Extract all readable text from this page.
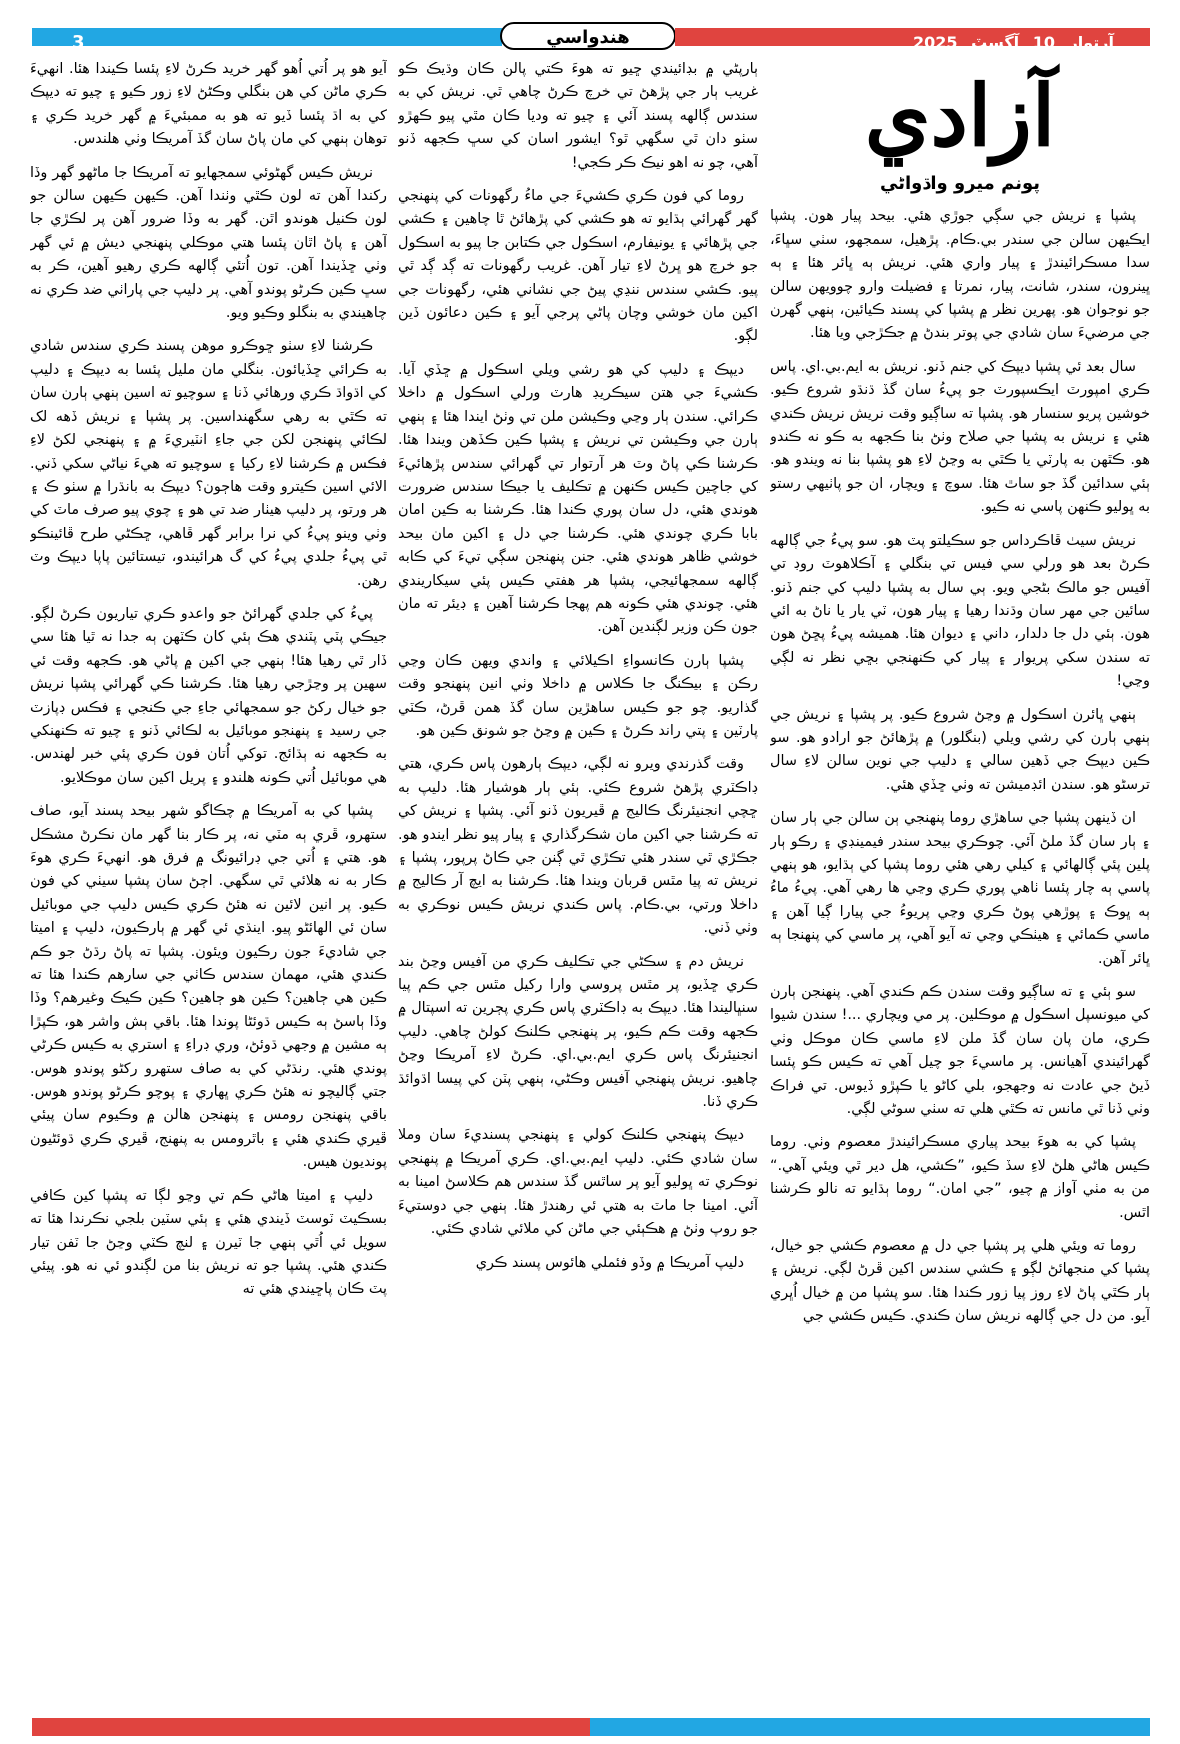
3	هندواسي	آرتوار 10 آگسٽ 2025
آزادي
پونم ميرو واڌواڻي

پشپا ۽ نريش جي سڳي جوڙي هئي. بيحد پيار هون. پشپا ايڪيهن سالن جي سندر بي.ڪام. پڙهيل، سمجهو، سٺي سڀاءَ، سدا مسڪرائيندڙ ۽ پيار واري هئي. نريش ٻه ڀائر هئا ۽ ٻه ڀينرون، سندر، شانت، پيار، نمرتا ۽ فضيلت وارو چوويهن سالن جو نوجوان هو. پهرين نظر ۾ پشپا کي پسند ڪيائين، ٻنهي گهرن جي مرضيءَ سان شادي جي پوتر بندڻ ۾ جڪڙجي ويا هئا.

سال بعد ئي پشپا ديپڪ کي جنم ڏنو. نريش به ايم.بي.اي. پاس ڪري امپورٽ ايڪسپورٽ جو پيءُ سان گڏ ڌنڌو شروع ڪيو. خوشين پريو سنسار هو. پشپا ته ساڳيو وقت نريش نريش ڪندي هئي ۽ نريش به پشپا جي صلاح وٺڻ بنا ڪجهه به ڪو نه ڪندو هو. ڪٿهن به پارٽي يا ڪٿي به وڃڻ لاءِ هو پشپا بنا نه ويندو هو. ٻئي سدائين گڏ جو ساٿ هئا. سوچ ۽ ويچار، ان جو پاٺيهي رستو به ڀوليو ڪنهن پاسي نه ڪيو.

نريش سيٺ ڦاڪرداس جو سڪيلتو پٽ هو. سو پيءُ جي ڳالهه ڪرڻ بعد هو ورلي سي فيس تي بنگلي ۽ آڪلاهوٽ روڊ تي آفيس جو مالڪ بڻجي ويو. ٻي سال به پشپا دليپ کي جنم ڏنو. سائين جي مهر سان وڌندا رهيا ۽ پيار هون، ٽي يار يا ناڻ به ائي هون. ٻئي دل جا دلدار، داني ۽ ديوان هئا. هميشه پيءُ پڇڻ هون ته سندن سکي پريوار ۽ پيار کي ڪنهنجي بڇي نظر نه لڳي وڃي!

ٻنهي ڀائرن اسڪول ۾ وڃڻ شروع ڪيو. پر پشپا ۽ نريش جي ٻنهي ٻارن کي رشي ويلي (بنگلور) ۾ پڙهائڻ جو ارادو هو. سو ڪين ديپڪ جي ڏهين سالي ۽ دليپ جي نوين سالن لاءِ سال ترسڻو هو. سندن ائڊميشن ته وٺي ڇڏي هئي.

ان ڏينهن پشپا جي ساهڙي روما پنهنجي ٻن سالن جي ٻار سان ۽ ٻار سان گڏ ملڻ آئي. چوڪري بيحد سندر فيمينڊي ۽ رڪو ٻار پلين پئي ڳالهائي ۽ کيلي رهي هئي روما پشپا کي ٻڌايو، هو ٻنهي پاسي ٻه چار پئسا ٺاهي پوري ڪري وڃي ها رهي آهي. پيءُ ماءُ ٻه ڀوڪ ۽ پوڙهي پوڻ ڪري وڃي پريوءُ جي پيارا ڳيا آهن ۽ ماسي ڪمائي ۽ هيٺڪي وڃي ته آيو آهي، پر ماسي کي پنهنجا ٻه ڀائر آهن.

سو ٻئي ۽ ته ساڳيو وقت سندن ڪم ڪندي آهي. پنهنجن ٻارن کي ميونسپل اسڪول ۾ موڪلين. پر مي ويچاري ...! سندن شيوا ڪري، مان پان سان گڏ ملن لاءِ ماسي ڪان موڪل وٺي گهرائيندي آهيانس. پر ماسيءَ جو چيل آهي ته ڪيس ڪو پئسا ڏيڻ جي عادت نه وجهجو، بلي کاڻو يا ڪپڙو ڏيوس. تي فراڪ وٺي ڏنا ٿي مانس ته ڪٿي هلي ته سٺي سوڻي لڳي.

پشپا کي به هوءَ بيحد پياري مسڪرائيندڙ معصوم وٺي. روما ڪيس هاڻي هلڻ لاءِ سڏ ڪيو، ”ڪشي، هل دير ٿي ويئي آهي.“ من به مٺي آواز ۾ چيو، ”جي امان.“ روما ٻڌايو ته نالو ڪرشنا اٿس.

روما ته ويئي هلي پر پشپا جي دل ۾ معصوم ڪشي جو خيال، پشپا کي منجهائڻ لڳو ۽ ڪشي سندس اکين ڦرڻ لڳي. نريش ۽ ٻار ڪٿي پاڻ لاءِ روز پيا زور ڪندا هئا. سو پشپا من ۾ خيال اُڀري آيو. من دل جي ڳالهه نريش سان ڪندي. ڪيس ڪشي جي

ٻارپڻي ۾ بڊائيندي ڇيو ته هوءَ ڪتي پالن ڪان وڌيڪ ڪو غريب ٻار جي پڙهڻ تي خرچ ڪرڻ چاهي ٿي. نريش کي به سندس ڳالهه پسند آئي ۽ چيو ته وديا ڪان مٿي پيو ڪهڙو سٺو دان ٿي سگهي ٿو؟ ايشور اسان کي سڀ ڪجهه ڏنو آهي، چو نه اهو نيڪ ڪر ڪجي!

روما کي فون ڪري ڪشيءَ جي ماءُ رگهونات کي پنهنجي گهر گهرائي ٻڌايو ته هو ڪشي کي پڙهائڻ ٿا چاهين ۽ ڪشي جي پڙهائي ۽ يونيفارم، اسڪول جي ڪتابن جا پيو به اسڪول جو خرچ هو ڀرڻ لاءِ تيار آهن. غريب رگهونات ته ڳد ڳد ٿي پيو. ڪشي سندس ننڍي پيڻ جي نشاني هئي، رگهونات جي اکين مان خوشي وچان پاڻي پرجي آيو ۽ ڪين دعائون ڏين لڳو.

ديپڪ ۽ دليپ کي هو رشي ويلي اسڪول ۾ ڇڏي آيا. ڪشيءَ جي هتن سيڪريڊ هارٽ ورلي اسڪول ۾ داخلا ڪرائي. سندن ٻار وڃي وڪيشن ملن تي وٺڻ ايندا هئا ۽ ٻنهي ٻارن جي وڪيشن تي نريش ۽ پشپا ڪين ڪڏهن ويندا هئا. ڪرشنا ڪي پاڻ وٽ هر آرتوار تي گهرائي سندس پڙهائيءَ کي جاچين ڪيس ڪنهن ۾ تڪليف يا جيڪا سندس ضرورت هوندي هئي، دل سان پوري ڪندا هئا. ڪرشنا به ڪين امان بابا ڪري چوندي هئي. ڪرشنا جي دل ۽ اکين مان بيحد خوشي ظاهر هوندي هئي. جنن پنهنجن سڳي تيءَ کي ڪابه ڳالهه سمجهائيجي، پشپا هر هفتي ڪيس پئي سيکاريندي هئي. چوندي هئي ڪونه هم پهجا ڪرشنا آهين ۽ ڊيئر ته مان جون ڪن وزير لڳندين آهن.

پشپا ٻارن ڪانسواءِ اڪيلائي ۽ واندي ويهن ڪان وڃي رڪن ۽ بيڪنگ جا ڪلاس ۾ داخلا وٺي انين پنهنجو وقت گذاريو. چو جو ڪيس ساهڙين سان گڏ همن ڦرڻ، ڪٽي پارٽين ۽ پتي راند ڪرڻ ۽ ڪين ۾ وڃڻ جو شونق ڪين هو.

وقت گذرندي ويرو نه لڳي، ديپڪ ٻارهون پاس ڪري، هتي ڊاڪٽري پڙهڻ شروع ڪئي. ٻئي ٻار هوشيار هئا. دليپ به ڇچي انجنيئرنگ ڪاليج ۾ ڦيريون ڏنو آئي. پشپا ۽ نريش کي ته ڪرشنا جي اکين مان شڪرگذاري ۽ پيار پيو نظر ايندو هو. جڪڙي ٿي سندر هئي تڪڙي ٿي ڳنن جي ڪاڻ پرپور، پشپا ۽ نريش ته پيا مٿس قربان ويندا هئا. ڪرشنا به ايچ آر ڪاليج ۾ داخلا ورتي، بي.ڪام. پاس ڪندي نريش ڪيس نوڪري به وٺي ڏني.

نريش دم ۽ سڪڻي جي تڪليف ڪري من آفيس وڃڻ بند ڪري ڇڏيو، پر مٿس پروسي وارا رکيل مٿس جي ڪم پيا سنڀاليندا هئا. ديپڪ به ڊاڪٽري پاس ڪري پڄرين ته اسپتال ۾ ڪجهه وقت ڪم ڪيو، پر پنهنجي ڪلنڪ کولڻ چاهي. دليپ انجنيئرنگ پاس ڪري ايم.بي.اي. ڪرڻ لاءِ آمريڪا وڃڻ چاهيو. نريش پنهنجي آفيس وڪڻي، ٻنهي پٽن کي پيسا اڌوائڌ ڪري ڏنا.

ديپڪ پنهنجي ڪلنڪ کولي ۽ پنهنجي پسنديءَ سان وملا سان شادي ڪئي. دليپ ايم.بي.اي. ڪري آمريڪا ۾ پنهنجي نوڪري ته ڀوليو آيو پر ساٿس گڏ سندس هم ڪلاسڻ امينا به آئي. امينا جا ماٽ به هتي ئي رهندڙ هئا. ٻنهي جي دوستيءَ جو روپ وٺڻ ۾ هڪٻئي جي ماڻن کي ملائي شادي ڪئي.

دليپ آمريڪا ۾ وڏو فئملي هائوس پسند ڪري

آيو هو پر اُتي اُهو گهر خريد ڪرڻ لاءِ پئسا ڪيندا هئا. انهيءَ ڪري ماڻن کي هن بنگلي وڪڻڻ لاءِ زور ڪيو ۽ چيو ته ديپڪ کي به اڌ پئسا ڏيو ته هو به ممبئيءَ ۾ گهر خريد ڪري ۽ توهان ٻنهي کي مان پاڻ سان گڏ آمريڪا وٺي هلندس.

نريش ڪيس گهڻوئي سمجهايو ته آمريڪا جا ماڻهو گهر وڏا رکندا آهن ته لون ڪٿي وٺندا آهن. ڪيهن ڪيهن سالن جو لون ڪنيل هوندو اٿن. گهر به وڏا ضرور آهن پر لڪڙي جا آهن ۽ پاڻ اٿان پئسا هتي موڪلي پنهنجي ديش ۾ ئي گهر وٺي ڇڏيندا آهن. تون اُتئي ڳالهه ڪري رهيو آهين، ڪر به سڀ ڪين ڪرڻو پوندو آهي. پر دليپ جي پاراٺي ضد ڪري نه چاهيندي به بنگلو وڪيو ويو.

ڪرشنا لاءِ سٺو ڇوڪرو موهن پسند ڪري سندس شادي به ڪرائي ڇڏيائون. بنگلي مان مليل پئسا به ديپڪ ۽ دليپ کي اڌواڌ ڪري ورهائي ڏنا ۽ سوچيو ته اسين ٻنهي ٻارن سان ته ڪٿي به رهي سگهنداسين. پر پشپا ۽ نريش ڏهه لک لڪائي پنهنجن لکن جي جاءِ انٽيريءَ ۾ ۽ پنهنجي لکڻ لاءِ فڪس ۾ ڪرشنا لاءِ رکيا ۽ سوچيو ته هيءَ نياڻي سکي ڏني. الائي اسين ڪيترو وقت هاڄون؟ ديپڪ به بانڌرا ۾ سٺو ڪ ۽ هر ورتو، پر دليپ هيٺار ضد تي هو ۽ چوي پيو صرف ماٽ کي وٺي وينو پيءُ کي نرا برابر گهر ڦاهي، ڇڪڻي طرح ڦائينڪو ٿي پيءُ جلدي پيءُ کي گ هرائيندو، تيستائين پاپا ديپڪ وٽ رهن.

پيءُ کي جلدي گهرائڻ جو واعدو ڪري تياريون ڪرڻ لڳو. جيڪي پٽي پٽندي هڪ ٻئي کان ڪٽهن ٻه جدا نه ٿيا هئا سي ڏار ٿي رهيا هئا! ٻنهي جي اکين ۾ پاڻي هو. ڪجهه وقت ئي سهين پر وڃڙجي رهيا هئا. ڪرشنا ڪي گهرائي پشپا نريش جو خيال رکڻ جو سمجهائي جاءِ جي ڪنجي ۽ فڪس ڊپازٽ جي رسيد ۽ پنهنجو موبائيل به لڪائي ڏنو ۽ چيو ته ڪنهنکي به ڪجهه نه ٻڌائج. توکي اُتان فون ڪري پئي خبر لهندس. هي موبائيل اُتي ڪونه هلندو ۽ پريل اکين سان موڪلايو.

پشپا کي به آمريڪا ۾ چڪاگو شهر بيحد پسند آيو، صاف ستهرو، ڦري ٻه مٽي نه، پر ڪار بنا گهر مان نڪرڻ مشڪل هو. هتي ۽ اُتي جي ڊرائيونگ ۾ فرق هو. انهيءَ ڪري هوءَ ڪار به نه هلائي ٿي سگهي. اڄڻ سان پشپا سيٺي کي فون ڪيو. پر انين لائين نه هئڻ ڪري ڪيس دليپ جي موبائيل سان ئي الهائڻو پيو. اينڌي ئي گهر ۾ ٻارڪيون، دليپ ۽ اميتا جي شاديءَ جون رڪيون ويئون. پشپا ته پاڻ رڌڻ جو ڪم ڪندي هئي، مهمان سندس ڪاٺي جي سارهم ڪندا هئا ته ڪين هي ڄاهين؟ ڪين هو ڄاهين؟ ڪين ڪيڪ وغيرهم؟ وڏا وڏا ٻاسڻ ٻه ڪيس ڌوئڻا پوندا هئا. باقي ٻش واشر هو، ڪپڙا ٻه مشين ۾ وجهي ڌوئڻ، وري ڊراءِ ۽ استري به ڪيس ڪرڻي پوندي هئي. رنڌڻي کي به صاف ستهرو رکڻو پوندو هوس. جتي ڳاليچو نه هئڻ ڪري ڀهاري ۽ پوچو ڪرڻو پوندو هوس. باقي پنهنجن رومس ۽ پنهنجن هالن ۾ وڪيوم سان پيئي ڦيري ڪندي هئي ۽ باٿرومس به پنهنج، ڦيري ڪري ڌوئڻيون پونديون هيس.

دليپ ۽ اميتا هاڻي ڪم تي وڃو لڳا ته پشپا کين ڪافي بسڪيٽ ٽوسٽ ڏيندي هئي ۽ ٻئي سٽين بلجي نڪرندا هئا ته سويل ئي اُٿي ٻنهي جا ٽيرن ۽ لنچ ڪٽي وڃڻ جا ٽفن تيار ڪندي هئي. پشپا جو ته نريش بنا من لڳندو ئي نه هو. پيئي پٽ ڪان پاڇيندي هئي ته
